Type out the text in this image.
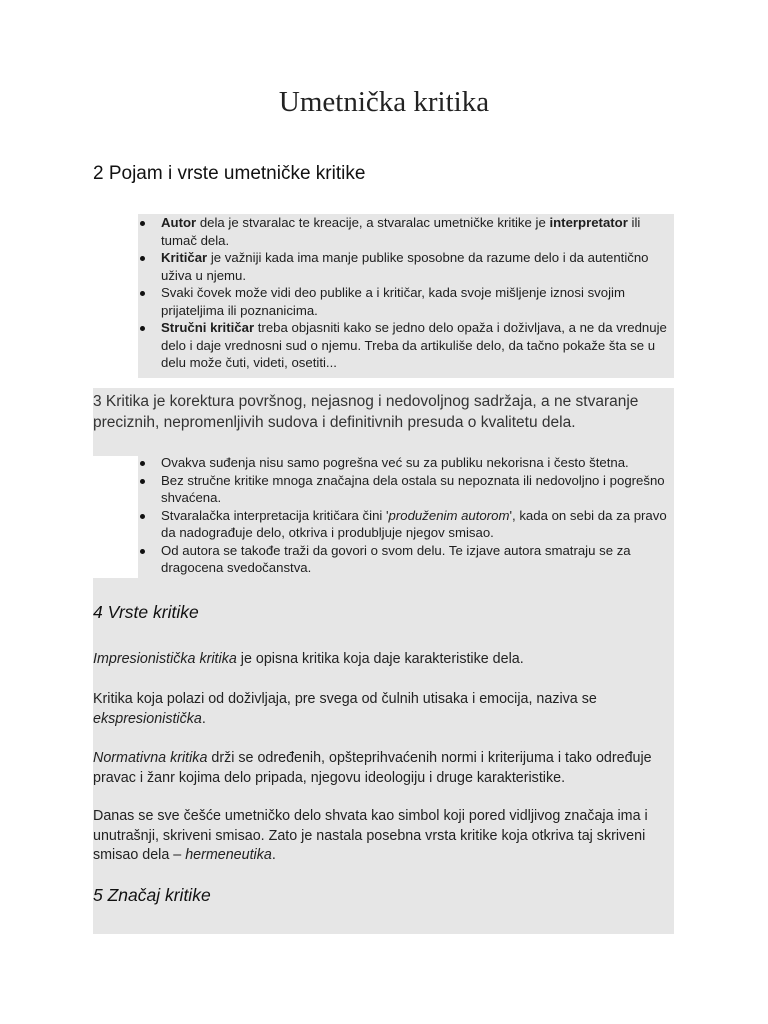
Umetnička kritika
2 Pojam i vrste umetničke kritike
Autor dela je stvaralac te kreacije, a stvaralac umetničke kritike je interpretator ili tumač dela.
Kritičar je važniji kada ima manje publike sposobne da razume delo i da autentično uživa u njemu.
Svaki čovek može vidi deo publike a i kritičar, kada svoje mišljenje iznosi svojim prijateljima ili poznanicima.
Stručni kritičar treba objasniti kako se jedno delo opaža i doživljava, a ne da vrednuje delo i daje vrednosni sud o njemu. Treba da artikuliše delo, da tačno pokaže šta se u delu može čuti, videti, osetiti...

3 Kritika je korektura površnog, nejasnog i nedovoljnog sadržaja, a ne stvaranje preciznih, nepromenljivih sudova i definitivnih presuda o kvalitetu dela.

Ovakva suđenja nisu samo pogrešna već su za publiku nekorisna i često štetna.
Bez stručne kritike mnoga značajna dela ostala su nepoznata ili nedovoljno i pogrešno shvaćena.
Stvaralačka interpretacija kritičara čini 'produženim autorom', kada on sebi da za pravo da nadograđuje delo, otkriva i produbljuje njegov smisao.
Od autora se takođe traži da govori o svom delu. Te izjave autora smatraju se za dragocena svedočanstva.
4 Vrste kritike

Impresionistička kritika je opisna kritika koja daje karakteristike dela.

Kritika koja polazi od doživljaja, pre svega od čulnih utisaka i emocija, naziva se ekspresionistička.

Normativna kritika drži se određenih, opšteprihvaćenih normi i kriterijuma i tako određuje pravac i žanr kojima delo pripada, njegovu ideologiju i druge karakteristike.

Danas se sve češće umetničko delo shvata kao simbol koji pored vidljivog značaja ima i unutrašnji, skriveni smisao. Zato je nastala posebna vrsta kritike koja otkriva taj skriveni smisao dela – hermeneutika.

5 Značaj kritike
